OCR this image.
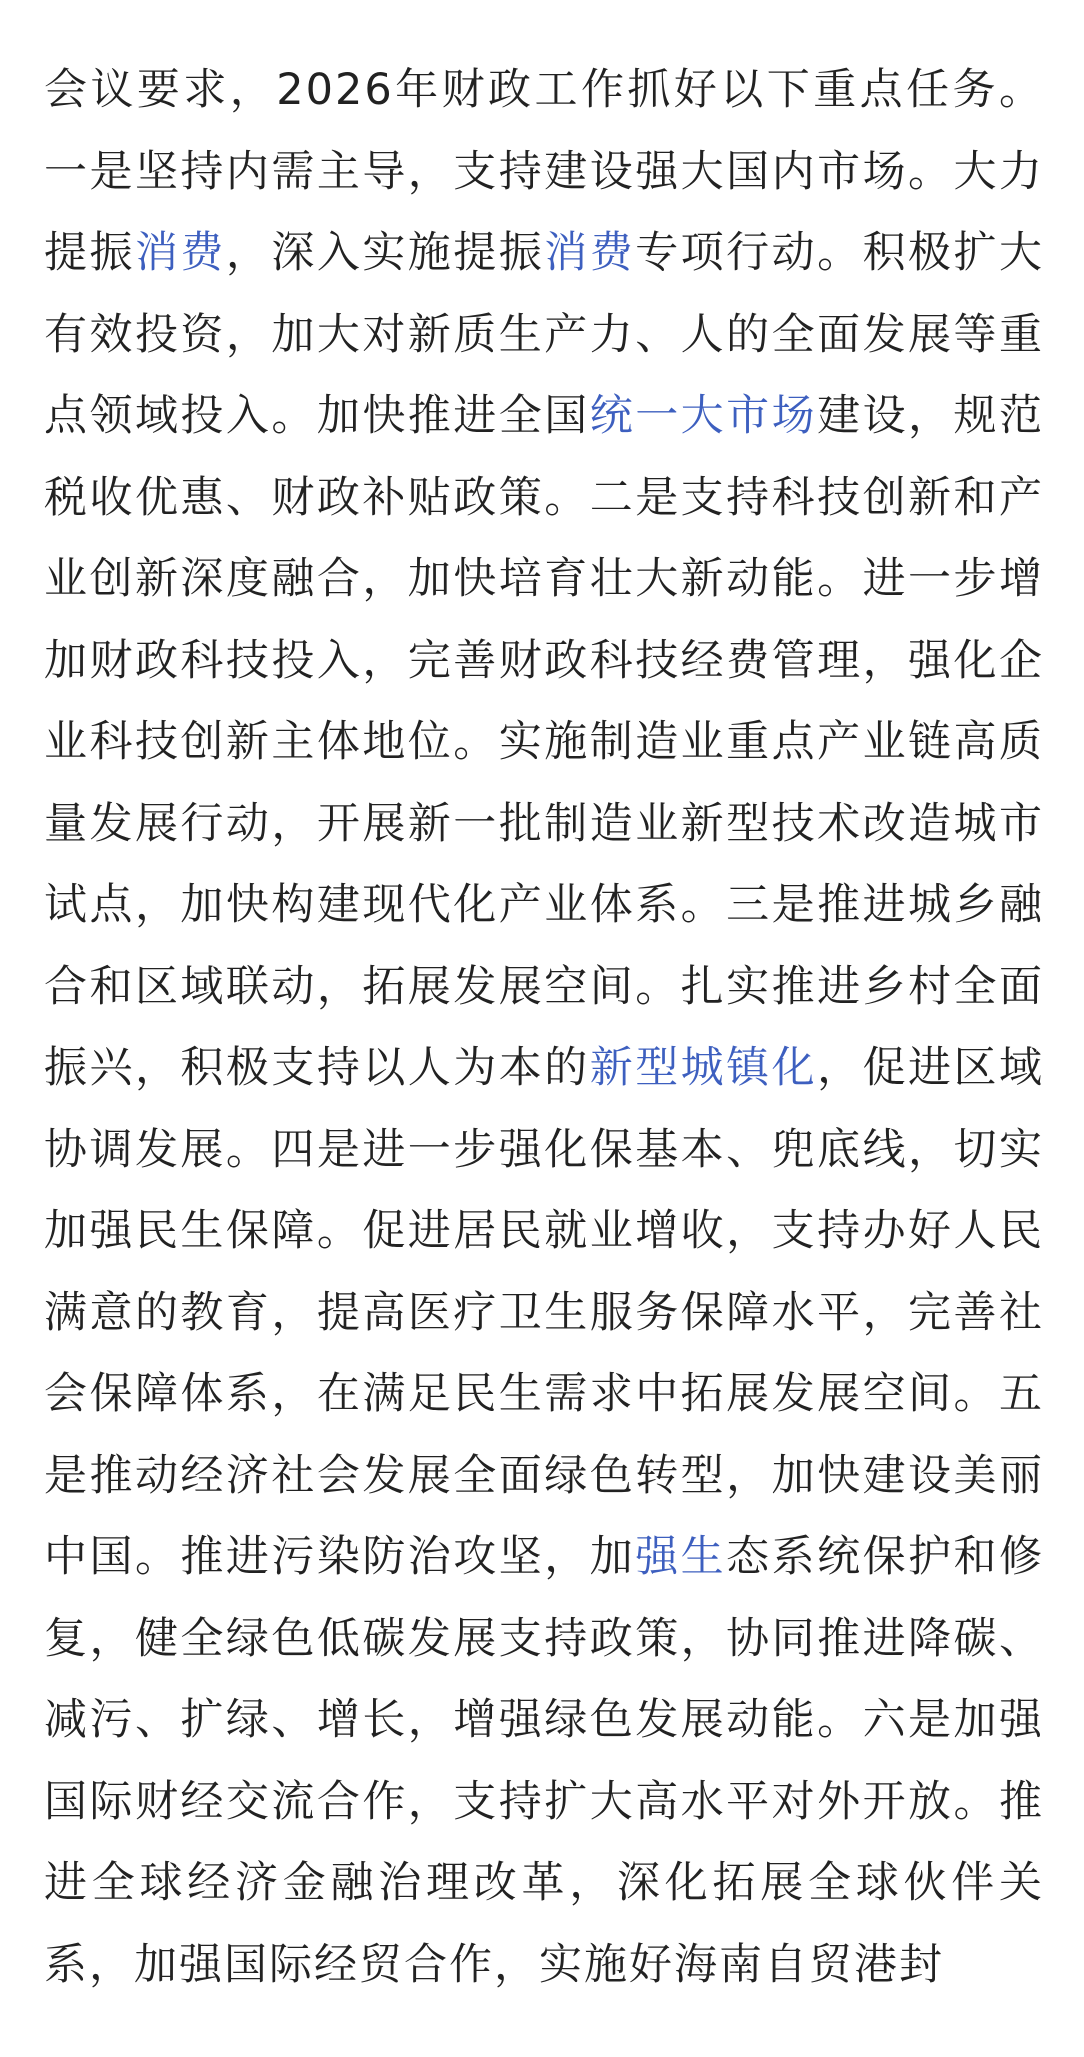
会议要求，2026年财政工作抓好以下重点任务。一是坚持内需主导，支持建设强大国内市场。大力提振消费，深入实施提振消费专项行动。积极扩大有效投资，加大对新质生产力、人的全面发展等重点领域投入。加快推进全国统一大市场建设，规范税收优惠、财政补贴政策。二是支持科技创新和产业创新深度融合，加快培育壮大新动能。进一步增加财政科技投入，完善财政科技经费管理，强化企业科技创新主体地位。实施制造业重点产业链高质量发展行动，开展新一批制造业新型技术改造城市试点，加快构建现代化产业体系。三是推进城乡融合和区域联动，拓展发展空间。扎实推进乡村全面振兴，积极支持以人为本的新型城镇化，促进区域协调发展。四是进一步强化保基本、兜底线，切实加强民生保障。促进居民就业增收，支持办好人民满意的教育，提高医疗卫生服务保障水平，完善社会保障体系，在满足民生需求中拓展发展空间。五是推动经济社会发展全面绿色转型，加快建设美丽中国。推进污染防治攻坚，加强生态系统保护和修复，健全绿色低碳发展支持政策，协同推进降碳、减污、扩绿、增长，增强绿色发展动能。六是加强国际财经交流合作，支持扩大高水平对外开放。推进全球经济金融治理改革，深化拓展全球伙伴关系，加强国际经贸合作，实施好海南自贸港封
